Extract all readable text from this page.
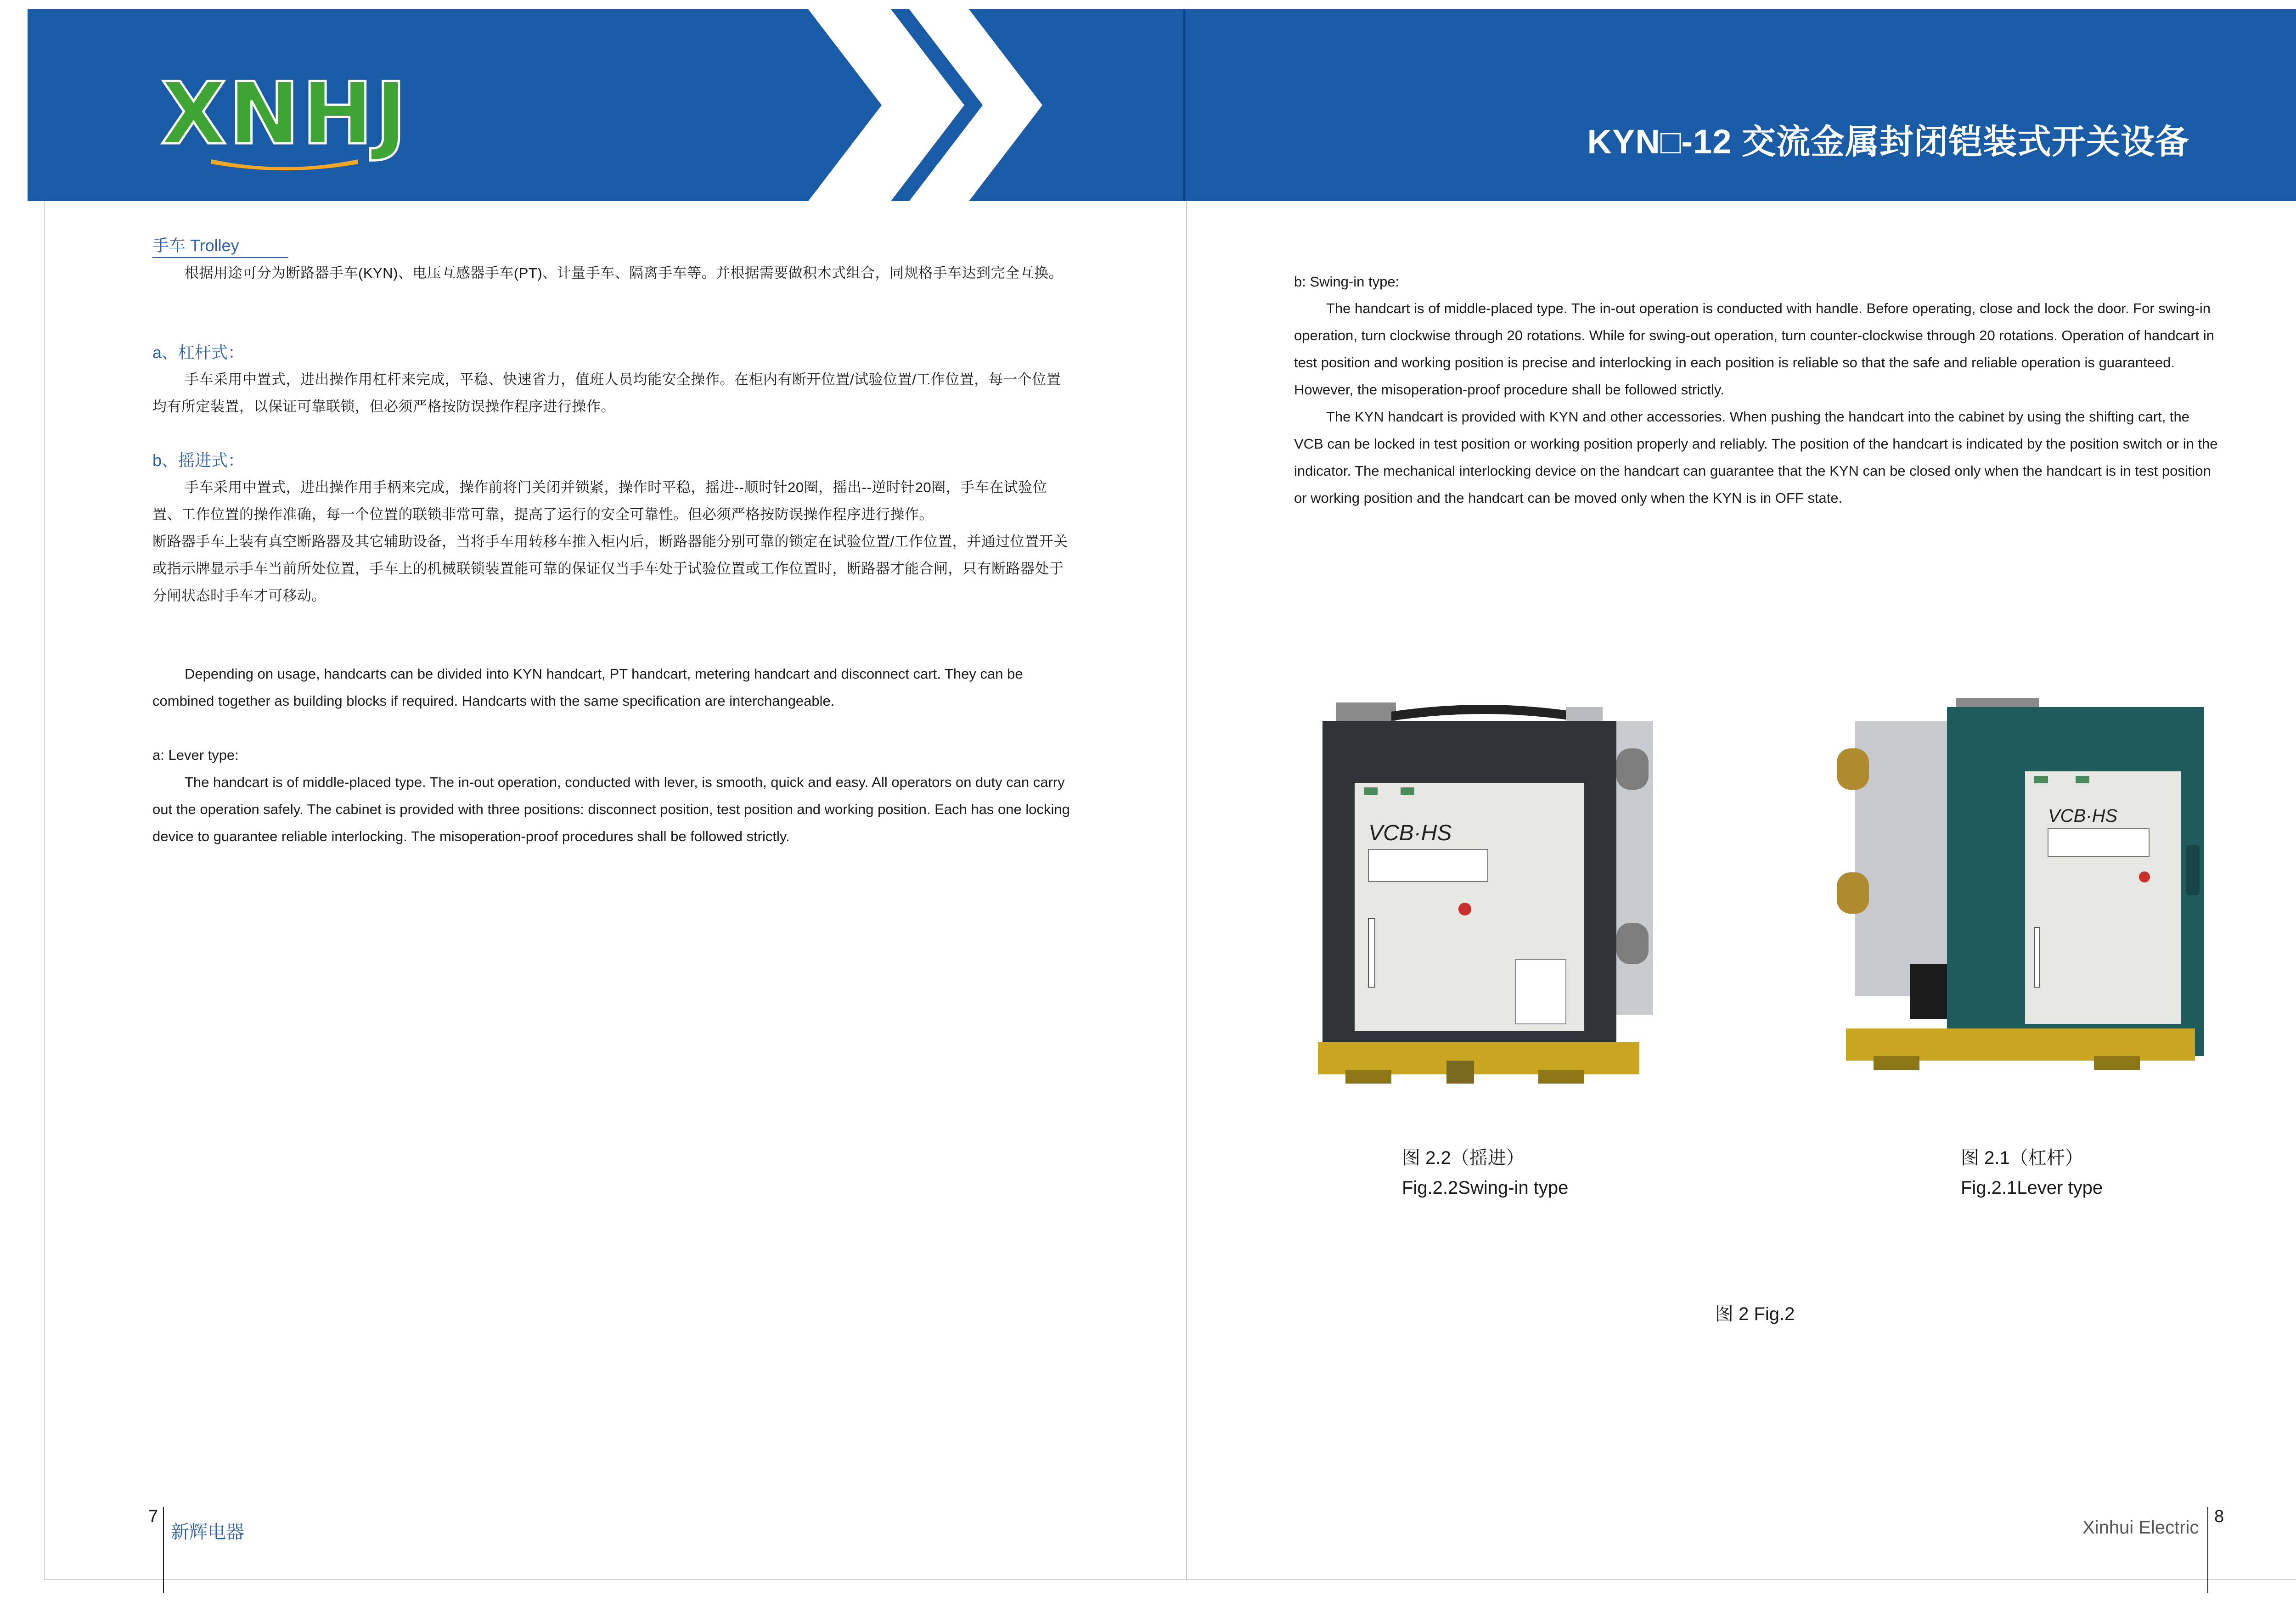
XNHJ	KYN□-12 交流金属封闭铠装式开关设备
手车 Trolley

根据用途可分为断路器手车(KYN)、电压互感器手车(PT)、计量手车、隔离手车等。并根据需要做积木式组合，同规格手车达到完全互换。

a、杠杆式：

手车采用中置式，进出操作用杠杆来完成，平稳、快速省力，值班人员均能安全操作。在柜内有断开位置/试验位置/工作位置，每一个位置均有所定装置，以保证可靠联锁，但必须严格按防误操作程序进行操作。

b、摇进式：

手车采用中置式，进出操作用手柄来完成，操作前将门关闭并锁紧，操作时平稳，摇进--顺时针20圈，摇出--逆时针20圈，手车在试验位置、工作位置的操作准确，每一个位置的联锁非常可靠，提高了运行的安全可靠性。但必须严格按防误操作程序进行操作。

断路器手车上装有真空断路器及其它辅助设备，当将手车用转移车推入柜内后，断路器能分别可靠的锁定在试验位置/工作位置，并通过位置开关或指示牌显示手车当前所处位置，手车上的机械联锁装置能可靠的保证仅当手车处于试验位置或工作位置时，断路器才能合闸，只有断路器处于分闸状态时手车才可移动。

Depending on usage, handcarts can be divided into KYN handcart, PT handcart, metering handcart and disconnect cart. They can be combined together as building blocks if required. Handcarts with the same specification are interchangeable.

a: Lever type:

The handcart is of middle-placed type. The in-out operation, conducted with lever, is smooth, quick and easy. All operators on duty can carry out the operation safely. The cabinet is provided with three positions: disconnect position, test position and working position. Each has one locking device to guarantee reliable interlocking. The misoperation-proof procedures shall be followed strictly.

b: Swing-in type:

The handcart is of middle-placed type. The in-out operation is conducted with handle. Before operating, close and lock the door. For swing-in operation, turn clockwise through 20 rotations. While for swing-out operation, turn counter-clockwise through 20 rotations. Operation of handcart in test position and working position is precise and interlocking in each position is reliable so that the safe and reliable operation is guaranteed. However, the misoperation-proof procedure shall be followed strictly.

The KYN handcart is provided with KYN and other accessories. When pushing the handcart into the cabinet by using the shifting cart, the VCB can be locked in test position or working position properly and reliably. The position of the handcart is indicated by the position switch or in the indicator. The mechanical interlocking device on the handcart can guarantee that the KYN can be closed only when the handcart is in test position or working position and the handcart can be moved only when the KYN is in OFF state.

VCB·HS
VCB·HS
图 2.2（摇进）
Fig.2.2Swing-in type
图 2.1（杠杆）
Fig.2.1Lever type
图 2 Fig.2
7
新辉电器	Xinhui Electric
8
